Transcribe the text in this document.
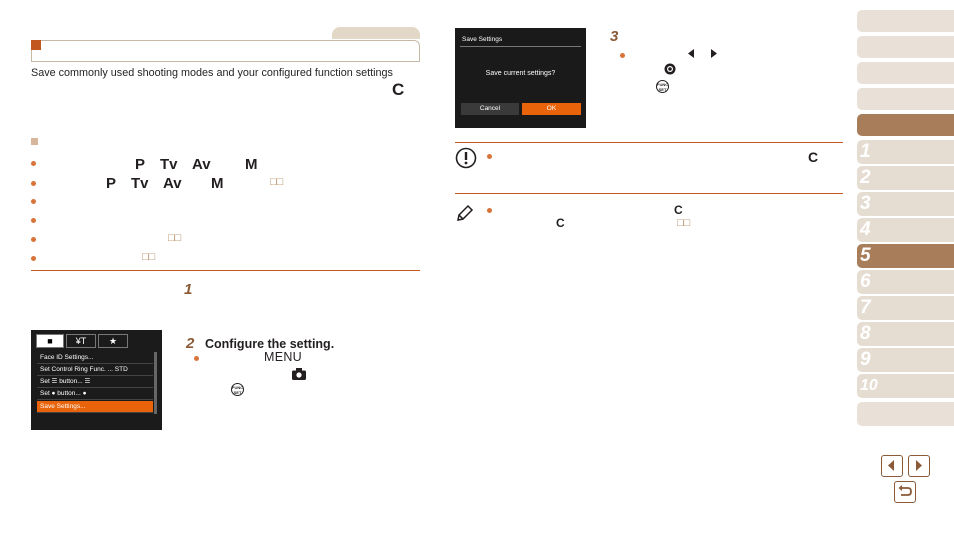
Save commonly used shooting modes and your configured function settings
C
P Tv Av M
P Tv Av M	□□
□□
□□
1
■	¥T	★
Face ID Settings...
Set Control Ring Func. ... STD
Set ☰ button... ☰
Set ● button... ●
Save Settings...
2 Configure the setting.
MENU
FUNC
SET
Save Settings
Save current settings?
Cancel	OK
3
FUNC
SET
C
C
C	□□
1
2
3
4
5
6
7
8
9
10
